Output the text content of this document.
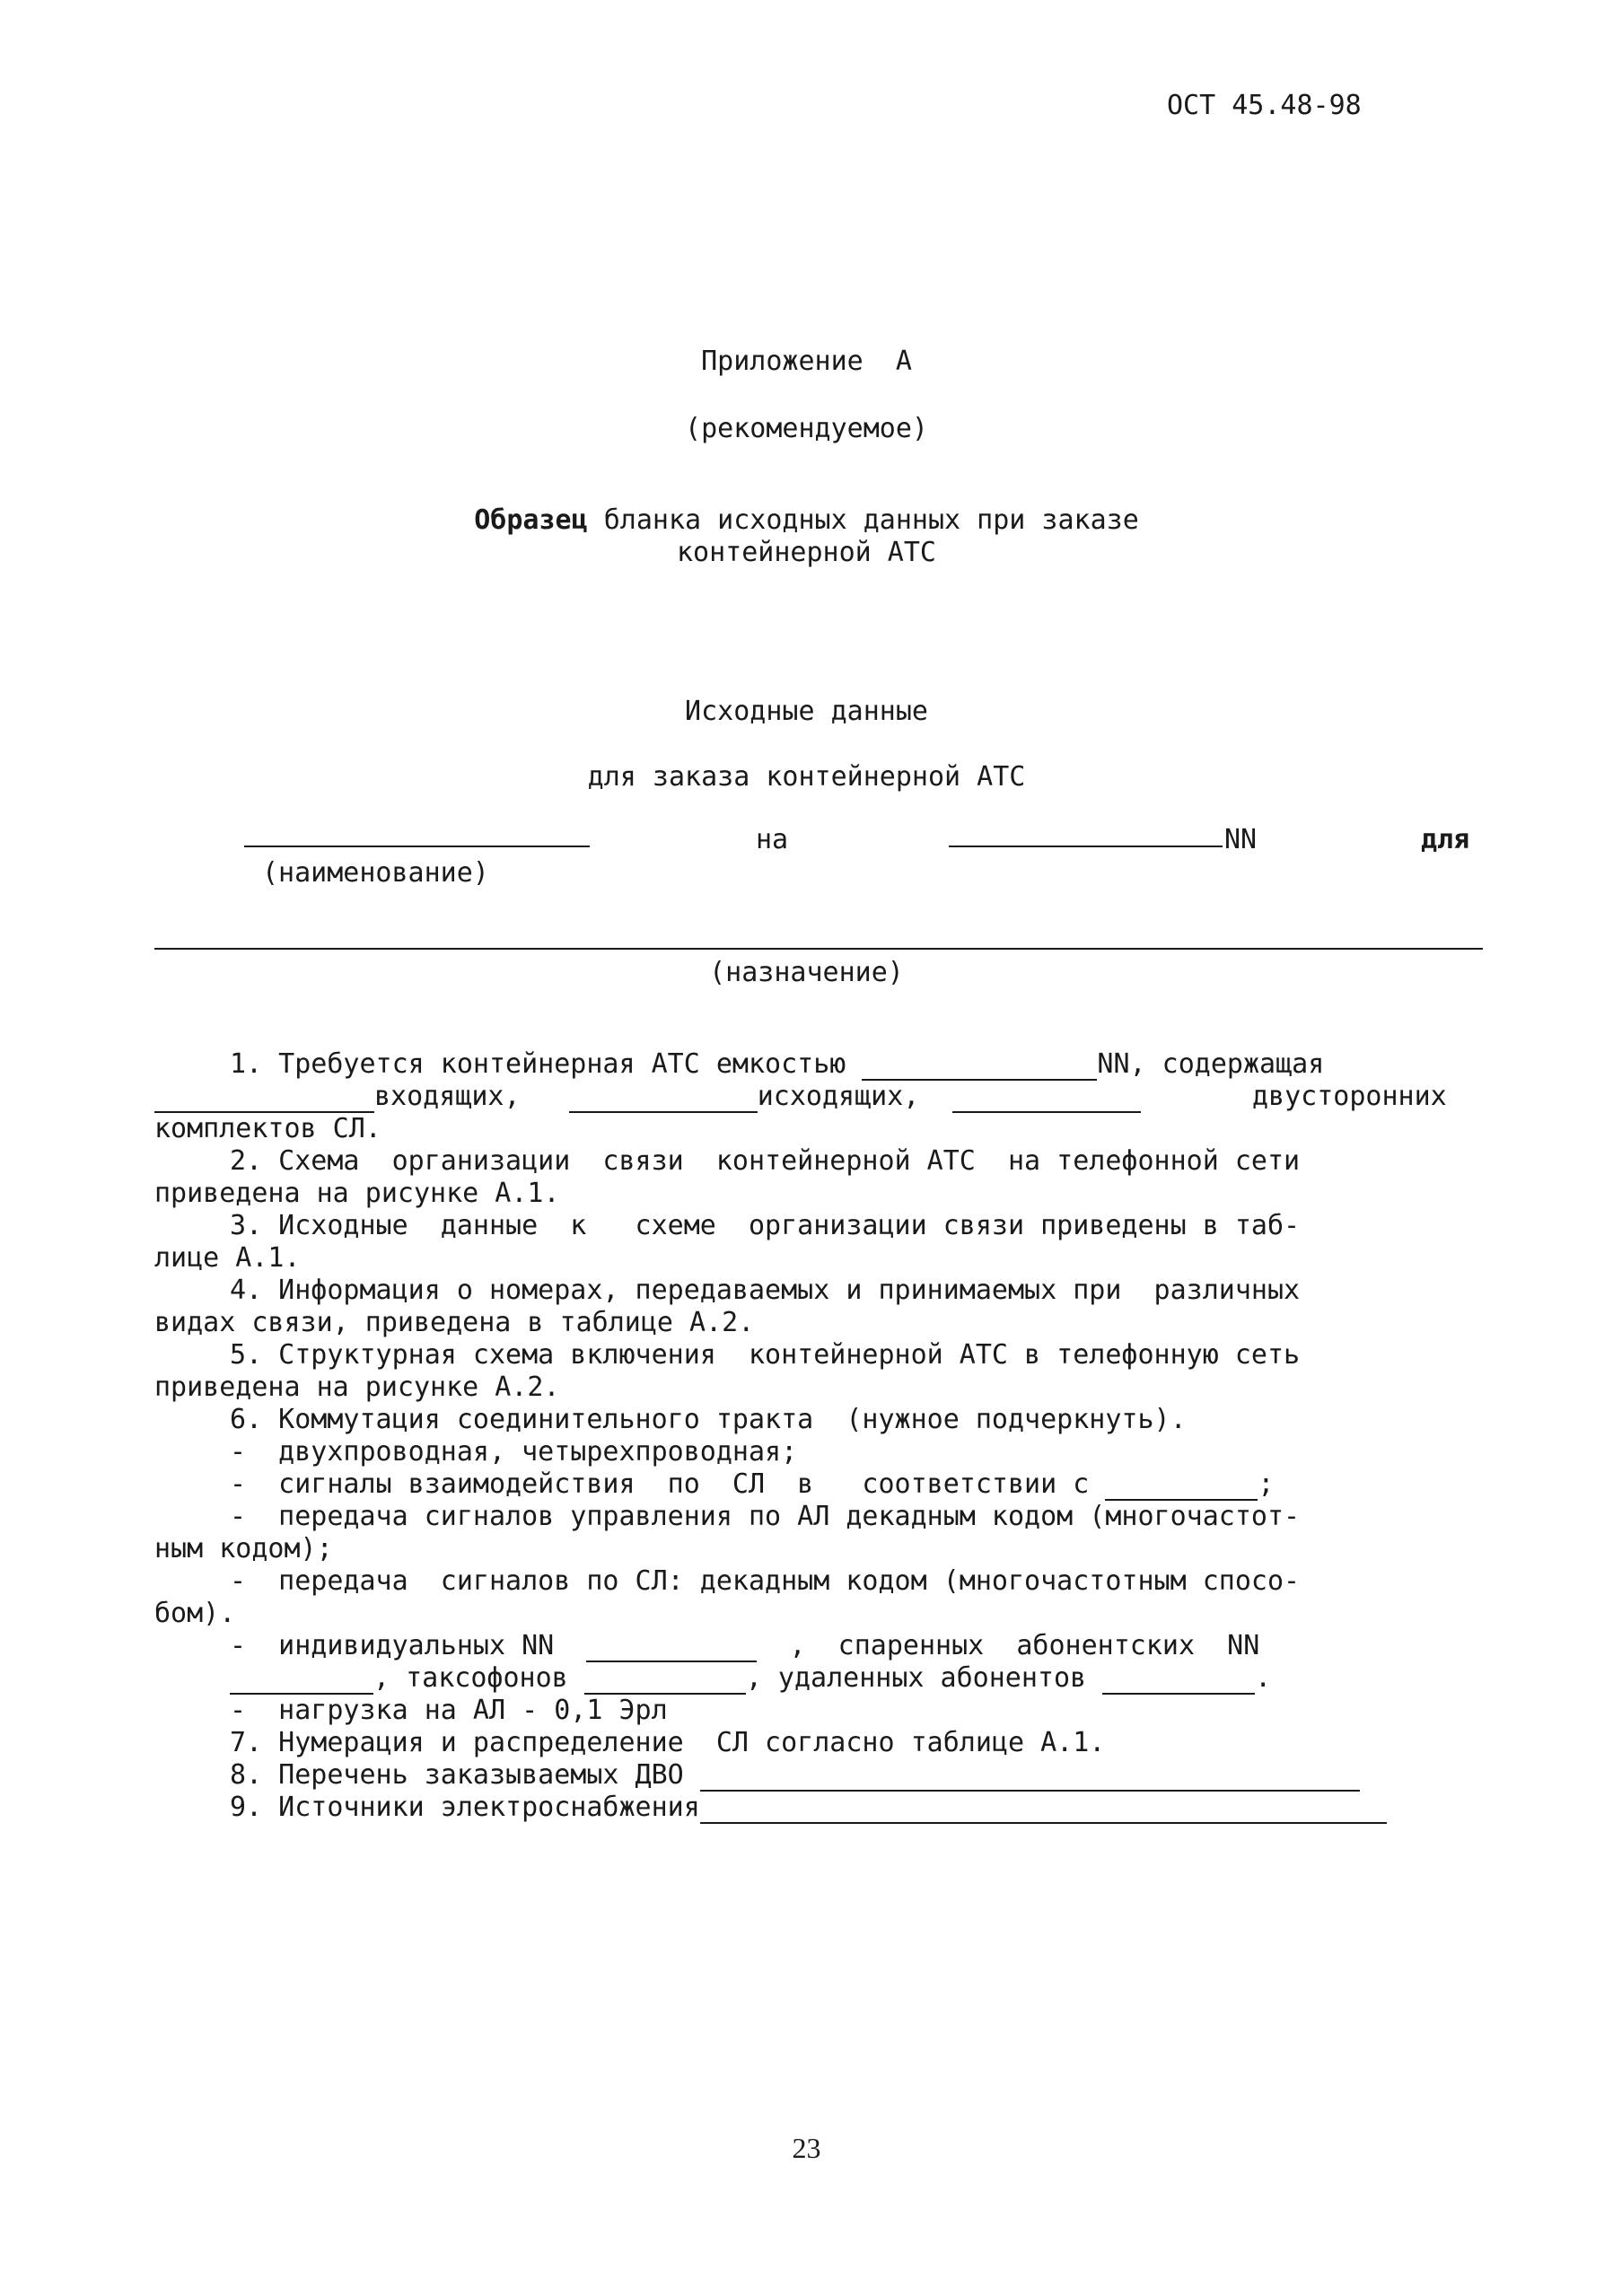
ОСТ 45.48-98
Приложение  А
(рекомендуемое)
Образец бланка исходных данных при заказе
контейнерной АТС
Исходные данные
для заказа контейнерной АТС
на	NN	для
(наименование)
(назначение)
1. Требуется контейнерная АТС емкостью	NN, содержащая
входящих,	исходящих,	двусторонних
комплектов СЛ.
2. Схема  организации  связи  контейнерной АТС  на телефонной сети
приведена на рисунке А.1.
3. Исходные  данные  к   схеме  организации связи приведены в таб-
лице А.1.
4. Информация о номерах, передаваемых и принимаемых при  различных
видах связи, приведена в таблице А.2.
5. Структурная схема включения  контейнерной АТС в телефонную сеть
приведена на рисунке А.2.
6. Коммутация соединительного тракта  (нужное подчеркнуть).
-  двухпроводная, четырехпроводная;
-  сигналы взаимодействия  по  СЛ  в   соответствии с	;
-  передача сигналов управления по АЛ декадным кодом (многочастот-
ным кодом);
-  передача  сигналов по СЛ: декадным кодом (многочастотным спосо-
бом).
-  индивидуальных NN	,  спаренных  абонентских  NN
, таксофонов	, удаленных абонентов	.
-  нагрузка на АЛ - 0,1 Эрл
7. Нумерация и распределение  СЛ согласно таблице А.1.
8. Перечень заказываемых ДВО
9. Источники электроснабжения
23
